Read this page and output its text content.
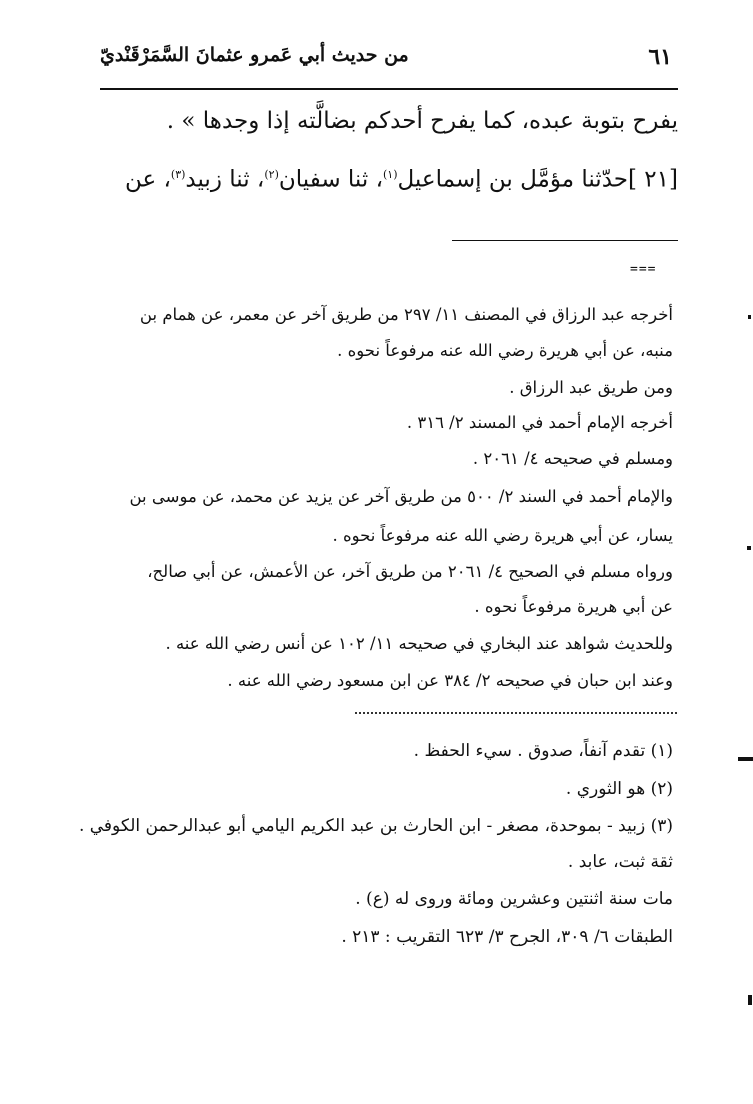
٦١
من حديث أبي عَمرو عثمانَ السَّمَرْقَنْديّ
يفرح بتوبة عبده، كما يفرح أحدكم بضالَّته إذا وجدها » .
[٢١ ]حدّثنا مؤمَّل بن إسماعيل$^{(١)}$، ثنا سفيان$^{(٢)}$، ثنا زبيد$^{(٣)}$، عن
===
أخرجه عبد الرزاق في المصنف ١١/ ٢٩٧ من طريق آخر عن معمر، عن همام بن
منبه، عن أبي هريرة رضي الله عنه مرفوعاً نحوه .
ومن طريق عبد الرزاق .
أخرجه الإمام أحمد في المسند ٢/ ٣١٦ .
ومسلم في صحيحه ٤/ ٢٠٦١ .
والإمام أحمد في السند ٢/ ٥٠٠ من طريق آخر عن يزيد عن محمد، عن موسى بن
يسار، عن أبي هريرة رضي الله عنه مرفوعاً نحوه .
ورواه مسلم في الصحيح ٤/ ٢٠٦١ من طريق آخر، عن الأعمش، عن أبي صالح،
عن أبي هريرة مرفوعاً نحوه .
وللحديث شواهد عند البخاري في صحيحه ١١/ ١٠٢ عن أنس رضي الله عنه .
وعند ابن حبان في صحيحه ٢/ ٣٨٤ عن ابن مسعود رضي الله عنه .
(١) تقدم آنفاً، صدوق . سيء الحفظ .
(٢) هو الثوري .
(٣) زبيد - بموحدة، مصغر - ابن الحارث بن عبد الكريم اليامي أبو عبدالرحمن الكوفي .
ثقة ثبت، عابد .
مات سنة اثنتين وعشرين ومائة وروى له (ع) .
الطبقات ٦/ ٣٠٩، الجرح ٣/ ٦٢٣ التقريب : ٢١٣ .
